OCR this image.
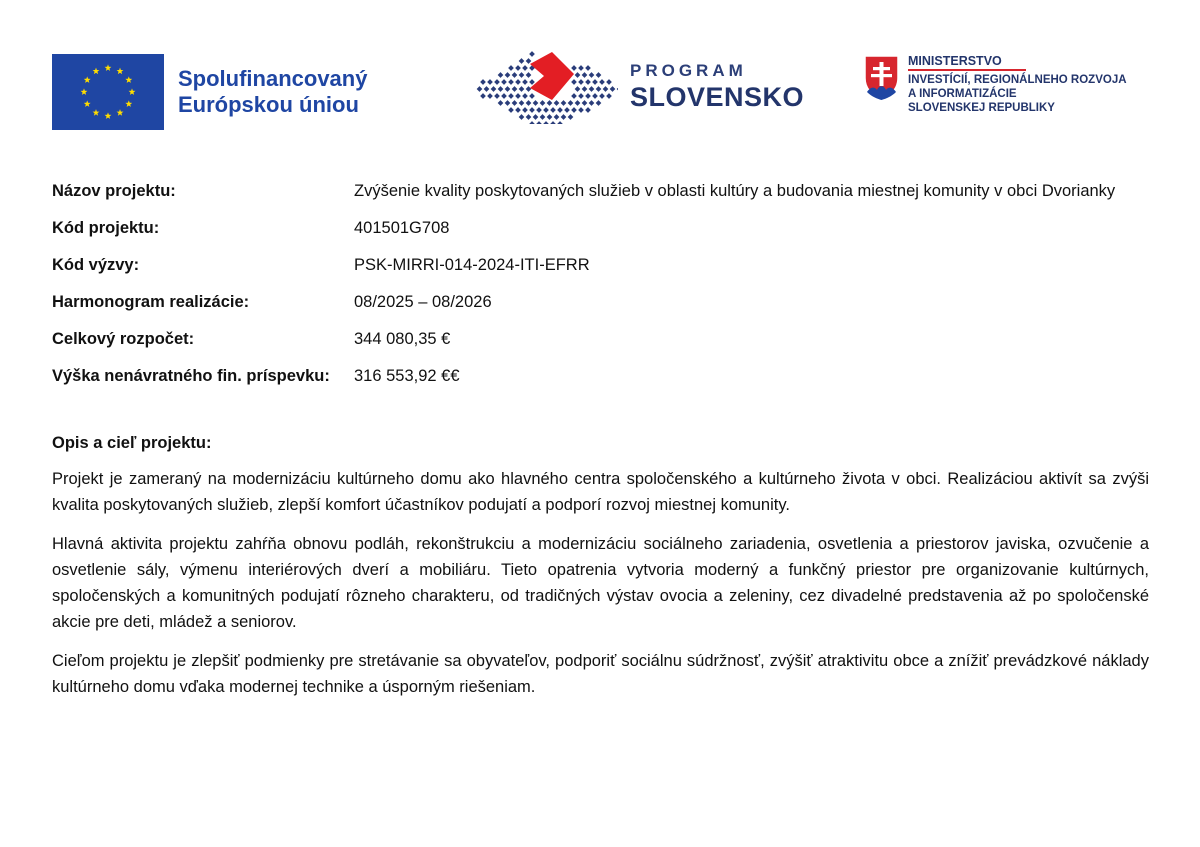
Spolufinancovaný
Európskou úniou
PROGRAM
SLOVENSKO
MINISTERSTVO
INVESTÍCIÍ, REGIONÁLNEHO ROZVOJA
A INFORMATIZÁCIE
SLOVENSKEJ REPUBLIKY
Názov projektu:	Zvýšenie kvality poskytovaných služieb v oblasti kultúry a budovania miestnej komunity v obci Dvorianky
Kód projektu:	401501G708
Kód výzvy:	PSK-MIRRI-014-2024-ITI-EFRR
Harmonogram realizácie:	08/2025 – 08/2026
Celkový rozpočet:	344 080,35 €
Výška nenávratného fin. príspevku:	316 553,92 €€
Opis a cieľ projektu:

Projekt je zameraný na modernizáciu kultúrneho domu ako hlavného centra spoločenského a kultúrneho života v obci. Realizáciou aktivít sa zvýši kvalita poskytovaných služieb, zlepší komfort účastníkov podujatí a podporí rozvoj miestnej komunity.

Hlavná aktivita projektu zahŕňa obnovu podláh, rekonštrukciu a modernizáciu sociálneho zariadenia, osvetlenia a priestorov javiska, ozvučenie a osvetlenie sály, výmenu interiérových dverí a mobiliáru. Tieto opatrenia vytvoria moderný a funkčný priestor pre organizovanie kultúrnych, spoločenských a komunitných podujatí rôzneho charakteru, od tradičných výstav ovocia a zeleniny, cez divadelné predstavenia až po spoločenské akcie pre deti, mládež a seniorov.

Cieľom projektu je zlepšiť podmienky pre stretávanie sa obyvateľov, podporiť sociálnu súdržnosť, zvýšiť atraktivitu obce a znížiť prevádzkové náklady kultúrneho domu vďaka modernej technike a úsporným riešeniam.
